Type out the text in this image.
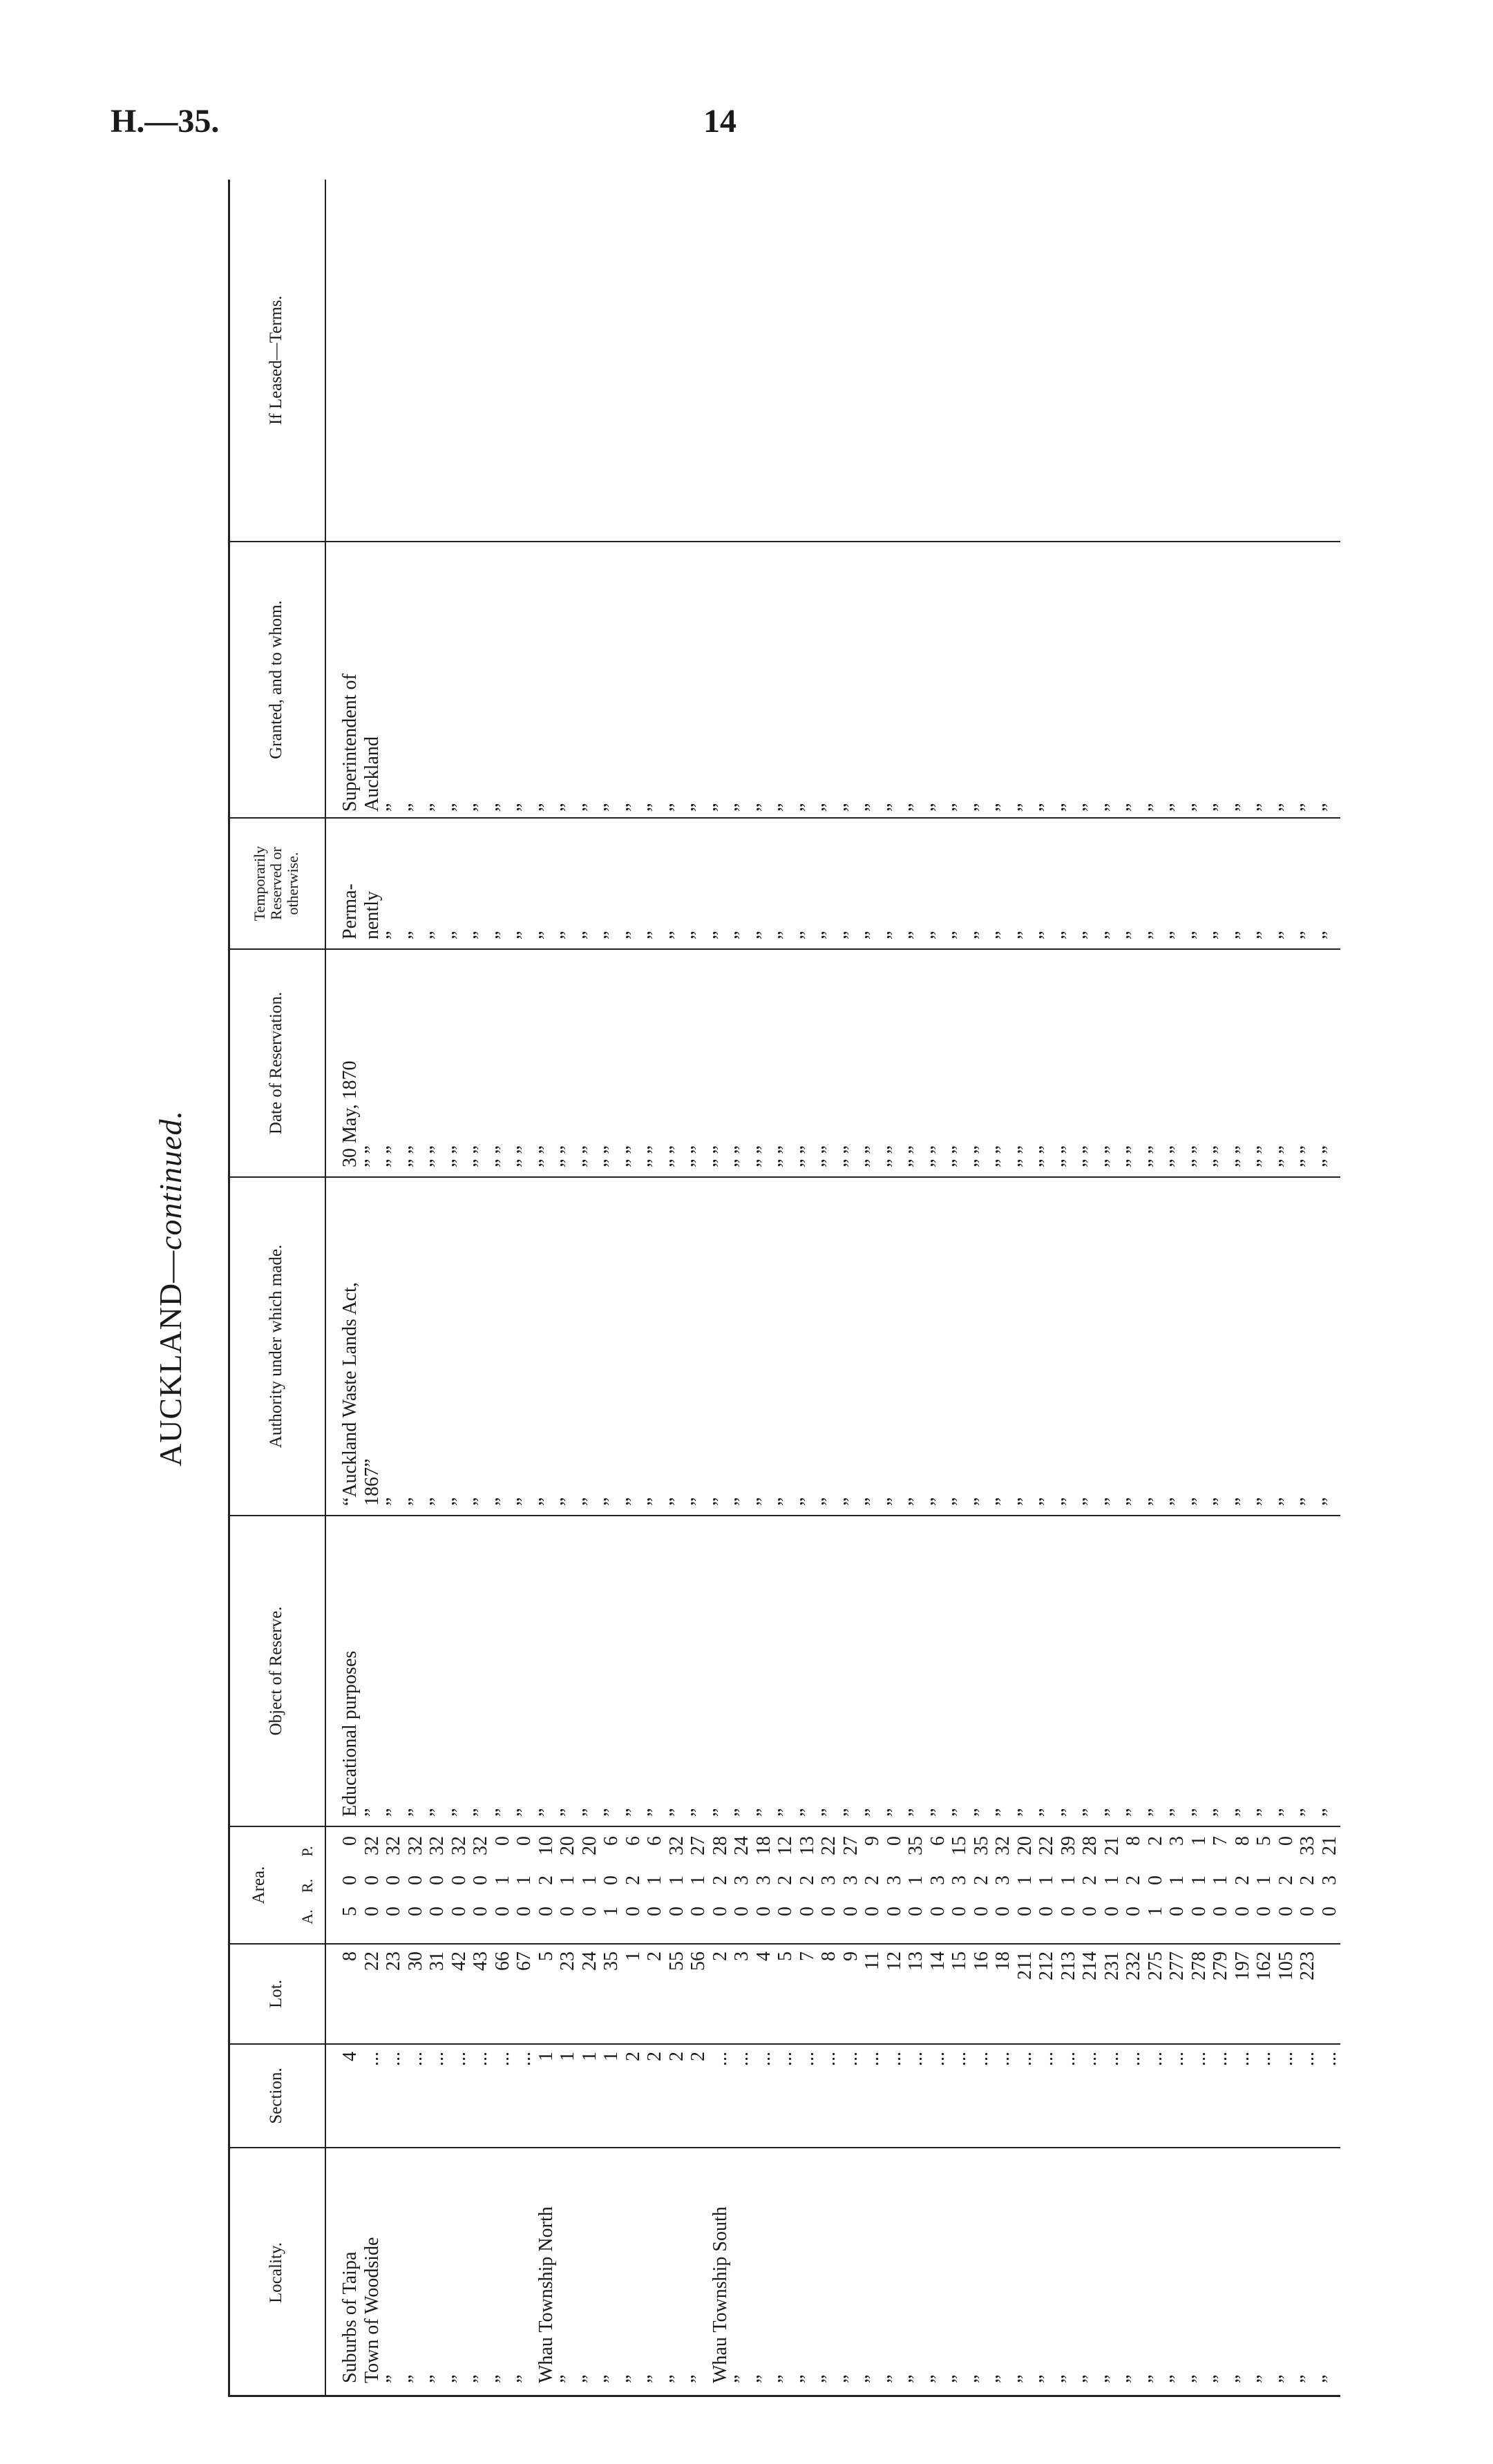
H.—35.	14
AUCKLAND—continued.
Locality.
Section.
Lot.
Area.
A.
R.
P.
Object of Reserve.
Authority under which made.
Date of Reservation.
Temporarily Reserved or otherwise.
Granted, and to whom.
If Leased—Terms.
Suburbs of Taipa
4
8
5
0
0
Educational purposes
“Auckland Waste Lands Act,
30 May, 1870
Perma-
Superintendent of
Town of Woodside
...
22
0
0
32
”
1867”
” ”
nently
Auckland
”
...
23
0
0
32
”
”
” ”
”
”
”
...
30
0
0
32
”
”
” ”
”
”
”
...
31
0
0
32
”
”
” ”
”
”
”
...
42
0
0
32
”
”
” ”
”
”
”
...
43
0
0
32
”
”
” ”
”
”
”
...
66
0
1
0
”
”
” ”
”
”
”
...
67
0
1
0
”
”
” ”
”
”
Whau Township North
1
5
0
2
10
”
”
” ”
”
”
”
1
23
0
1
20
”
”
” ”
”
”
”
1
24
0
1
20
”
”
” ”
”
”
”
1
35
1
0
6
”
”
” ”
”
”
”
2
1
0
2
6
”
”
” ”
”
”
”
2
2
0
1
6
”
”
” ”
”
”
”
2
55
0
1
32
”
”
” ”
”
”
”
2
56
0
1
27
”
”
” ”
”
”
Whau Township South
...
2
0
2
28
”
”
” ”
”
”
”
...
3
0
3
24
”
”
” ”
”
”
”
...
4
0
3
18
”
”
” ”
”
”
”
...
5
0
2
12
”
”
” ”
”
”
”
...
7
0
2
13
”
”
” ”
”
”
”
...
8
0
3
22
”
”
” ”
”
”
”
...
9
0
3
27
”
”
” ”
”
”
”
...
11
0
2
9
”
”
” ”
”
”
”
...
12
0
3
0
”
”
” ”
”
”
”
...
13
0
1
35
”
”
” ”
”
”
”
...
14
0
3
6
”
”
” ”
”
”
”
...
15
0
3
15
”
”
” ”
”
”
”
...
16
0
2
35
”
”
” ”
”
”
”
...
18
0
3
32
”
”
” ”
”
”
”
...
211
0
1
20
”
”
” ”
”
”
”
...
212
0
1
22
”
”
” ”
”
”
”
...
213
0
1
39
”
”
” ”
”
”
”
...
214
0
2
28
”
”
” ”
”
”
”
...
231
0
1
21
”
”
” ”
”
”
”
...
232
0
2
8
”
”
” ”
”
”
”
...
275
1
0
2
”
”
” ”
”
”
”
...
277
0
1
3
”
”
” ”
”
”
”
...
278
0
1
1
”
”
” ”
”
”
”
...
279
0
1
7
”
”
” ”
”
”
”
...
197
0
2
8
”
”
” ”
”
”
”
...
162
0
1
5
”
”
” ”
”
”
”
...
105
0
2
0
”
”
” ”
”
”
”
...
223
0
2
33
”
”
” ”
”
”
”
...
0
3
21
”
”
” ”
”
”
